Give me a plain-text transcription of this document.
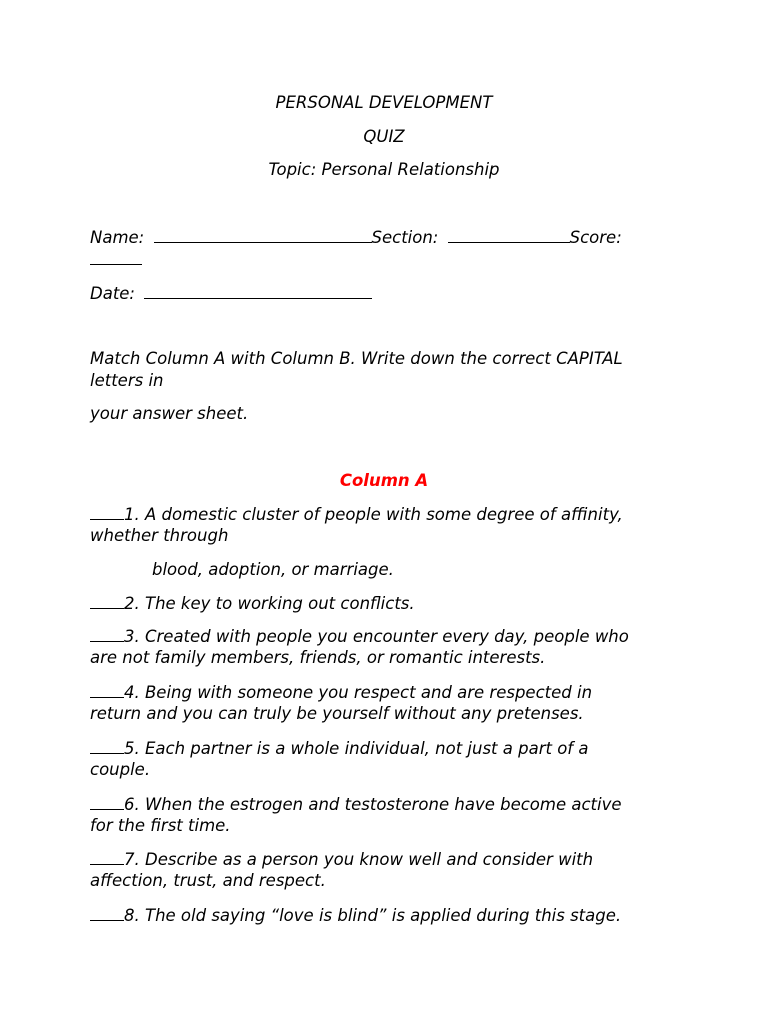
PERSONAL DEVELOPMENT
QUIZ
Topic: Personal Relationship
Name:	Section:	Score:
Date:
Match Column A with Column B. Write down the correct CAPITAL
letters in
your answer sheet.
Column A
1. A domestic cluster of people with some degree of affinity,
whether through
blood, adoption, or marriage.
2. The key to working out conflicts.
3. Created with people you encounter every day, people who
are not family members, friends, or romantic interests.
4. Being with someone you respect and are respected in
return and you can truly be yourself without any pretenses.
5. Each partner is a whole individual, not just a part of a
couple.
6. When the estrogen and testosterone have become active
for the first time.
7. Describe as a person you know well and consider with
affection, trust, and respect.
8. The old saying “love is blind” is applied during this stage.
